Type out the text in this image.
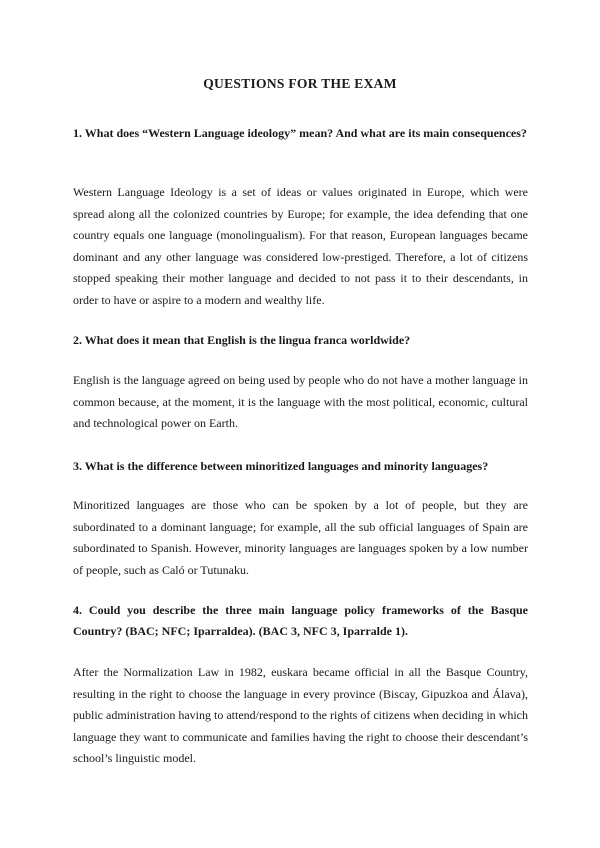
QUESTIONS FOR THE EXAM

1. What does “Western Language ideology” mean? And what are its main consequences?

Western Language Ideology is a set of ideas or values originated in Europe, which were spread along all the colonized countries by Europe; for example, the idea defending that one country equals one language (monolingualism). For that reason, European languages became dominant and any other language was considered low-prestiged. Therefore, a lot of citizens stopped speaking their mother language and decided to not pass it to their descendants, in order to have or aspire to a modern and wealthy life.

2. What does it mean that English is the lingua franca worldwide?

English is the language agreed on being used by people who do not have a mother language in common because, at the moment, it is the language with the most political, economic, cultural and technological power on Earth.

3. What is the difference between minoritized languages and minority languages?

Minoritized languages are those who can be spoken by a lot of people, but they are subordinated to a dominant language; for example, all the sub official languages of Spain are subordinated to Spanish. However, minority languages are languages spoken by a low number of people, such as Caló or Tutunaku.

4. Could you describe the three main language policy frameworks of the Basque Country? (BAC; NFC; Iparraldea). (BAC 3, NFC 3, Iparralde 1).

After the Normalization Law in 1982, euskara became official in all the Basque Country, resulting in the right to choose the language in every province (Biscay, Gipuzkoa and Álava), public administration having to attend/respond to the rights of citizens when deciding in which language they want to communicate and families having the right to choose their descendant’s school’s linguistic model.
